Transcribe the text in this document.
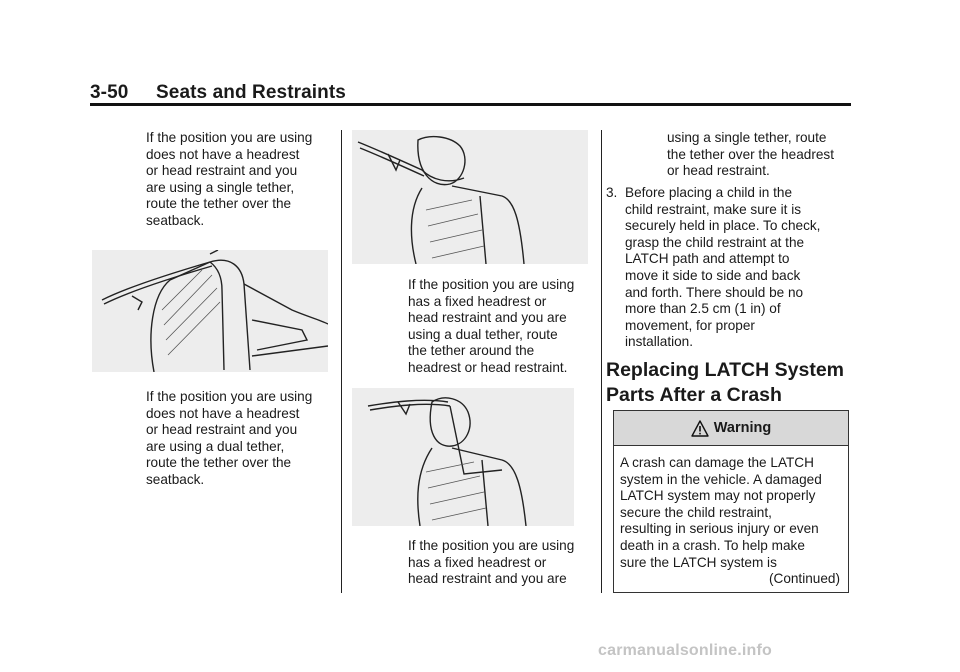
3-50 Seats and Restraints
If the position you are using
does not have a headrest
or head restraint and you
are using a single tether,
route the tether over the
seatback.
If the position you are using
does not have a headrest
or head restraint and you
are using a dual tether,
route the tether over the
seatback.
If the position you are using
has a fixed headrest or
head restraint and you are
using a dual tether, route
the tether around the
headrest or head restraint.
If the position you are using
has a fixed headrest or
head restraint and you are
using a single tether, route
the tether over the headrest
or head restraint.
3. Before placing a child in the
child restraint, make sure it is
securely held in place. To check,
grasp the child restraint at the
LATCH path and attempt to
move it side to side and back
and forth. There should be no
more than 2.5 cm (1 in) of
movement, for proper
installation.
Replacing LATCH System
Parts After a Crash
Warning
A crash can damage the LATCH
system in the vehicle. A damaged
LATCH system may not properly
secure the child restraint,
resulting in serious injury or even
death in a crash. To help make
sure the LATCH system is
(Continued)
carmanualsonline.info
